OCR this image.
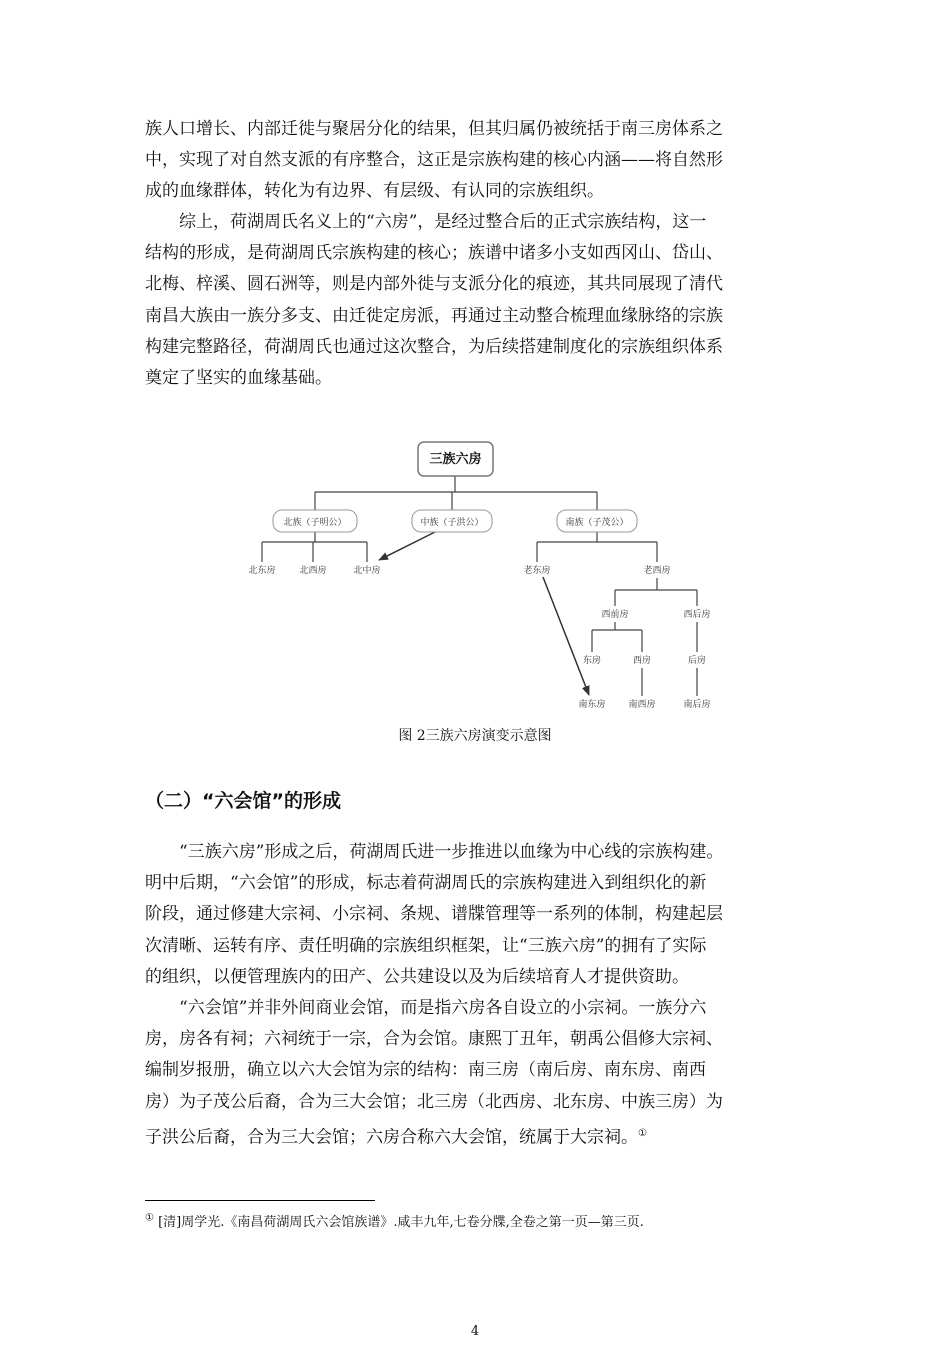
族人口增长、内部迁徙与聚居分化的结果，但其归属仍被统括于南三房体系之
中，实现了对自然支派的有序整合，这正是宗族构建的核心内涵——将自然形
成的血缘群体，转化为有边界、有层级、有认同的宗族组织。
　　综上，荷湖周氏名义上的“六房”，是经过整合后的正式宗族结构，这一
结构的形成，是荷湖周氏宗族构建的核心；族谱中诸多小支如西冈山、岱山、
北梅、梓溪、圆石洲等，则是内部外徙与支派分化的痕迹，其共同展现了清代
南昌大族由一族分多支、由迁徙定房派，再通过主动整合梳理血缘脉络的宗族
构建完整路径，荷湖周氏也通过这次整合，为后续搭建制度化的宗族组织体系
奠定了坚实的血缘基础。
三族六房
北族（子明公）	中族（子洪公）	南族（子茂公）
北东房	北西房	北中房	老东房	老西房
西前房	西后房
东房	西房	后房
南东房	南西房	南后房
图 2三族六房演变示意图
（二）“六会馆”的形成
　　“三族六房”形成之后，荷湖周氏进一步推进以血缘为中心线的宗族构建。
明中后期，“六会馆”的形成，标志着荷湖周氏的宗族构建进入到组织化的新
阶段，通过修建大宗祠、小宗祠、条规、谱牒管理等一系列的体制，构建起层
次清晰、运转有序、责任明确的宗族组织框架，让“三族六房”的拥有了实际
的组织，以便管理族内的田产、公共建设以及为后续培育人才提供资助。
　　“六会馆”并非外间商业会馆，而是指六房各自设立的小宗祠。一族分六
房，房各有祠；六祠统于一宗，合为会馆。康熙丁丑年，朝禹公倡修大宗祠、
编制岁报册，确立以六大会馆为宗的结构：南三房（南后房、南东房、南西
房）为子茂公后裔，合为三大会馆；北三房（北西房、北东房、中族三房）为
子洪公后裔，合为三大会馆；六房合称六大会馆，统属于大宗祠。①
① [清]周学光.《南昌荷湖周氏六会馆族谱》.咸丰九年,七卷分牒,全卷之第一页—第三页.
4
